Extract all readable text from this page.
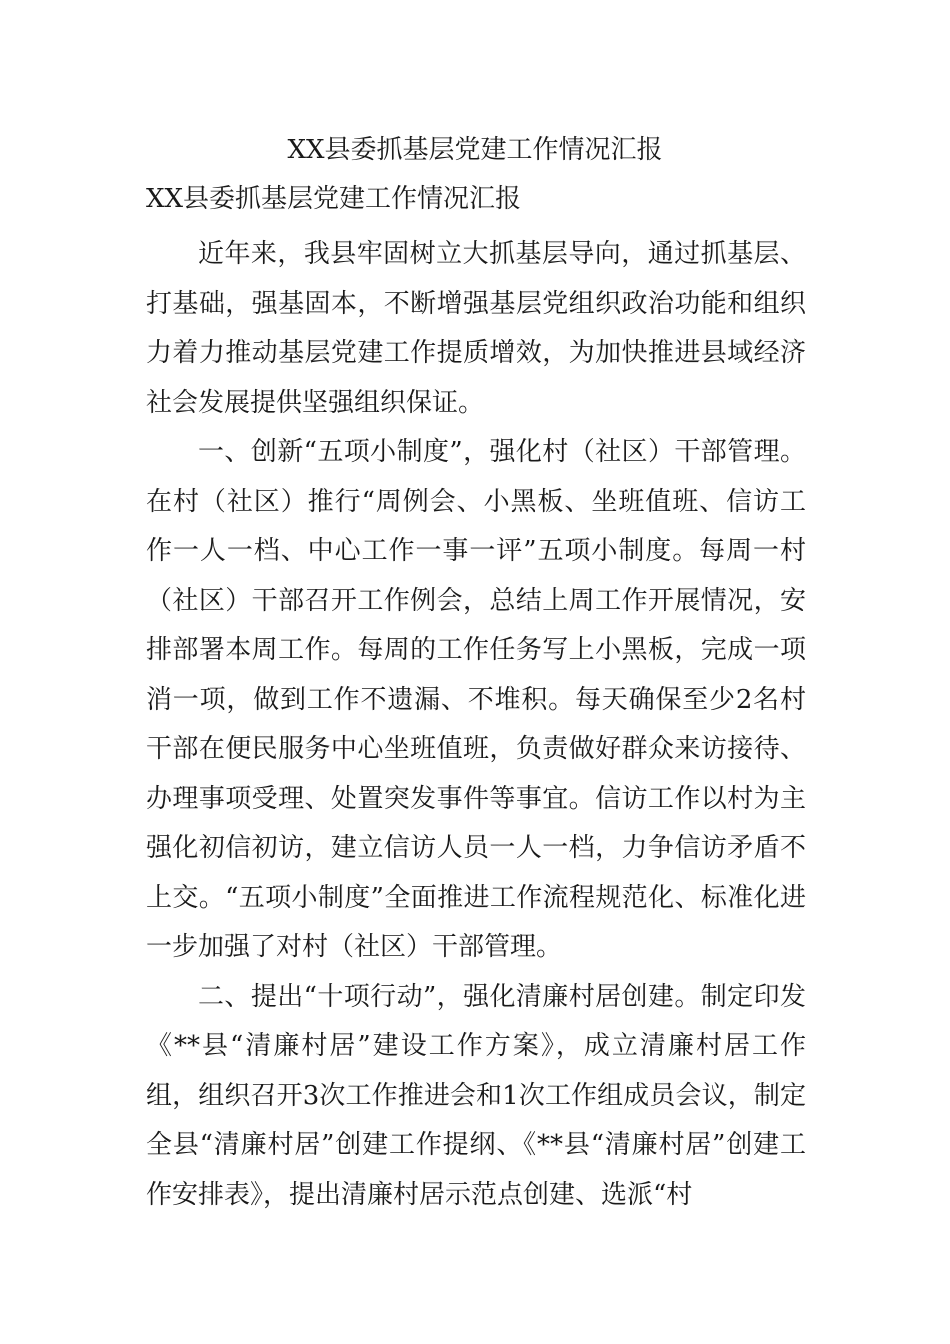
XX县委抓基层党建工作情况汇报

XX县委抓基层党建工作情况汇报

近年来，我县牢固树立大抓基层导向，通过抓基层、打基础，强基固本，不断增强基层党组织政治功能和组织力着力推动基层党建工作提质增效，为加快推进县域经济社会发展提供坚强组织保证。

一、创新“五项小制度”，强化村（社区）干部管理。在村（社区）推行“周例会、小黑板、坐班值班、信访工作一人一档、中心工作一事一评”五项小制度。每周一村（社区）干部召开工作例会，总结上周工作开展情况，安排部署本周工作。每周的工作任务写上小黑板，完成一项消一项，做到工作不遗漏、不堆积。每天确保至少2名村干部在便民服务中心坐班值班，负责做好群众来访接待、办理事项受理、处置突发事件等事宜。信访工作以村为主强化初信初访，建立信访人员一人一档，力争信访矛盾不上交。“五项小制度”全面推进工作流程规范化、标准化进一步加强了对村（社区）干部管理。

二、提出“十项行动”，强化清廉村居创建。制定印发《**县“清廉村居”建设工作方案》，成立清廉村居工作组，组织召开3次工作推进会和1次工作组成员会议，制定全县“清廉村居”创建工作提纲、《**县“清廉村居”创建工作安排表》，提出清廉村居示范点创建、选派“村
